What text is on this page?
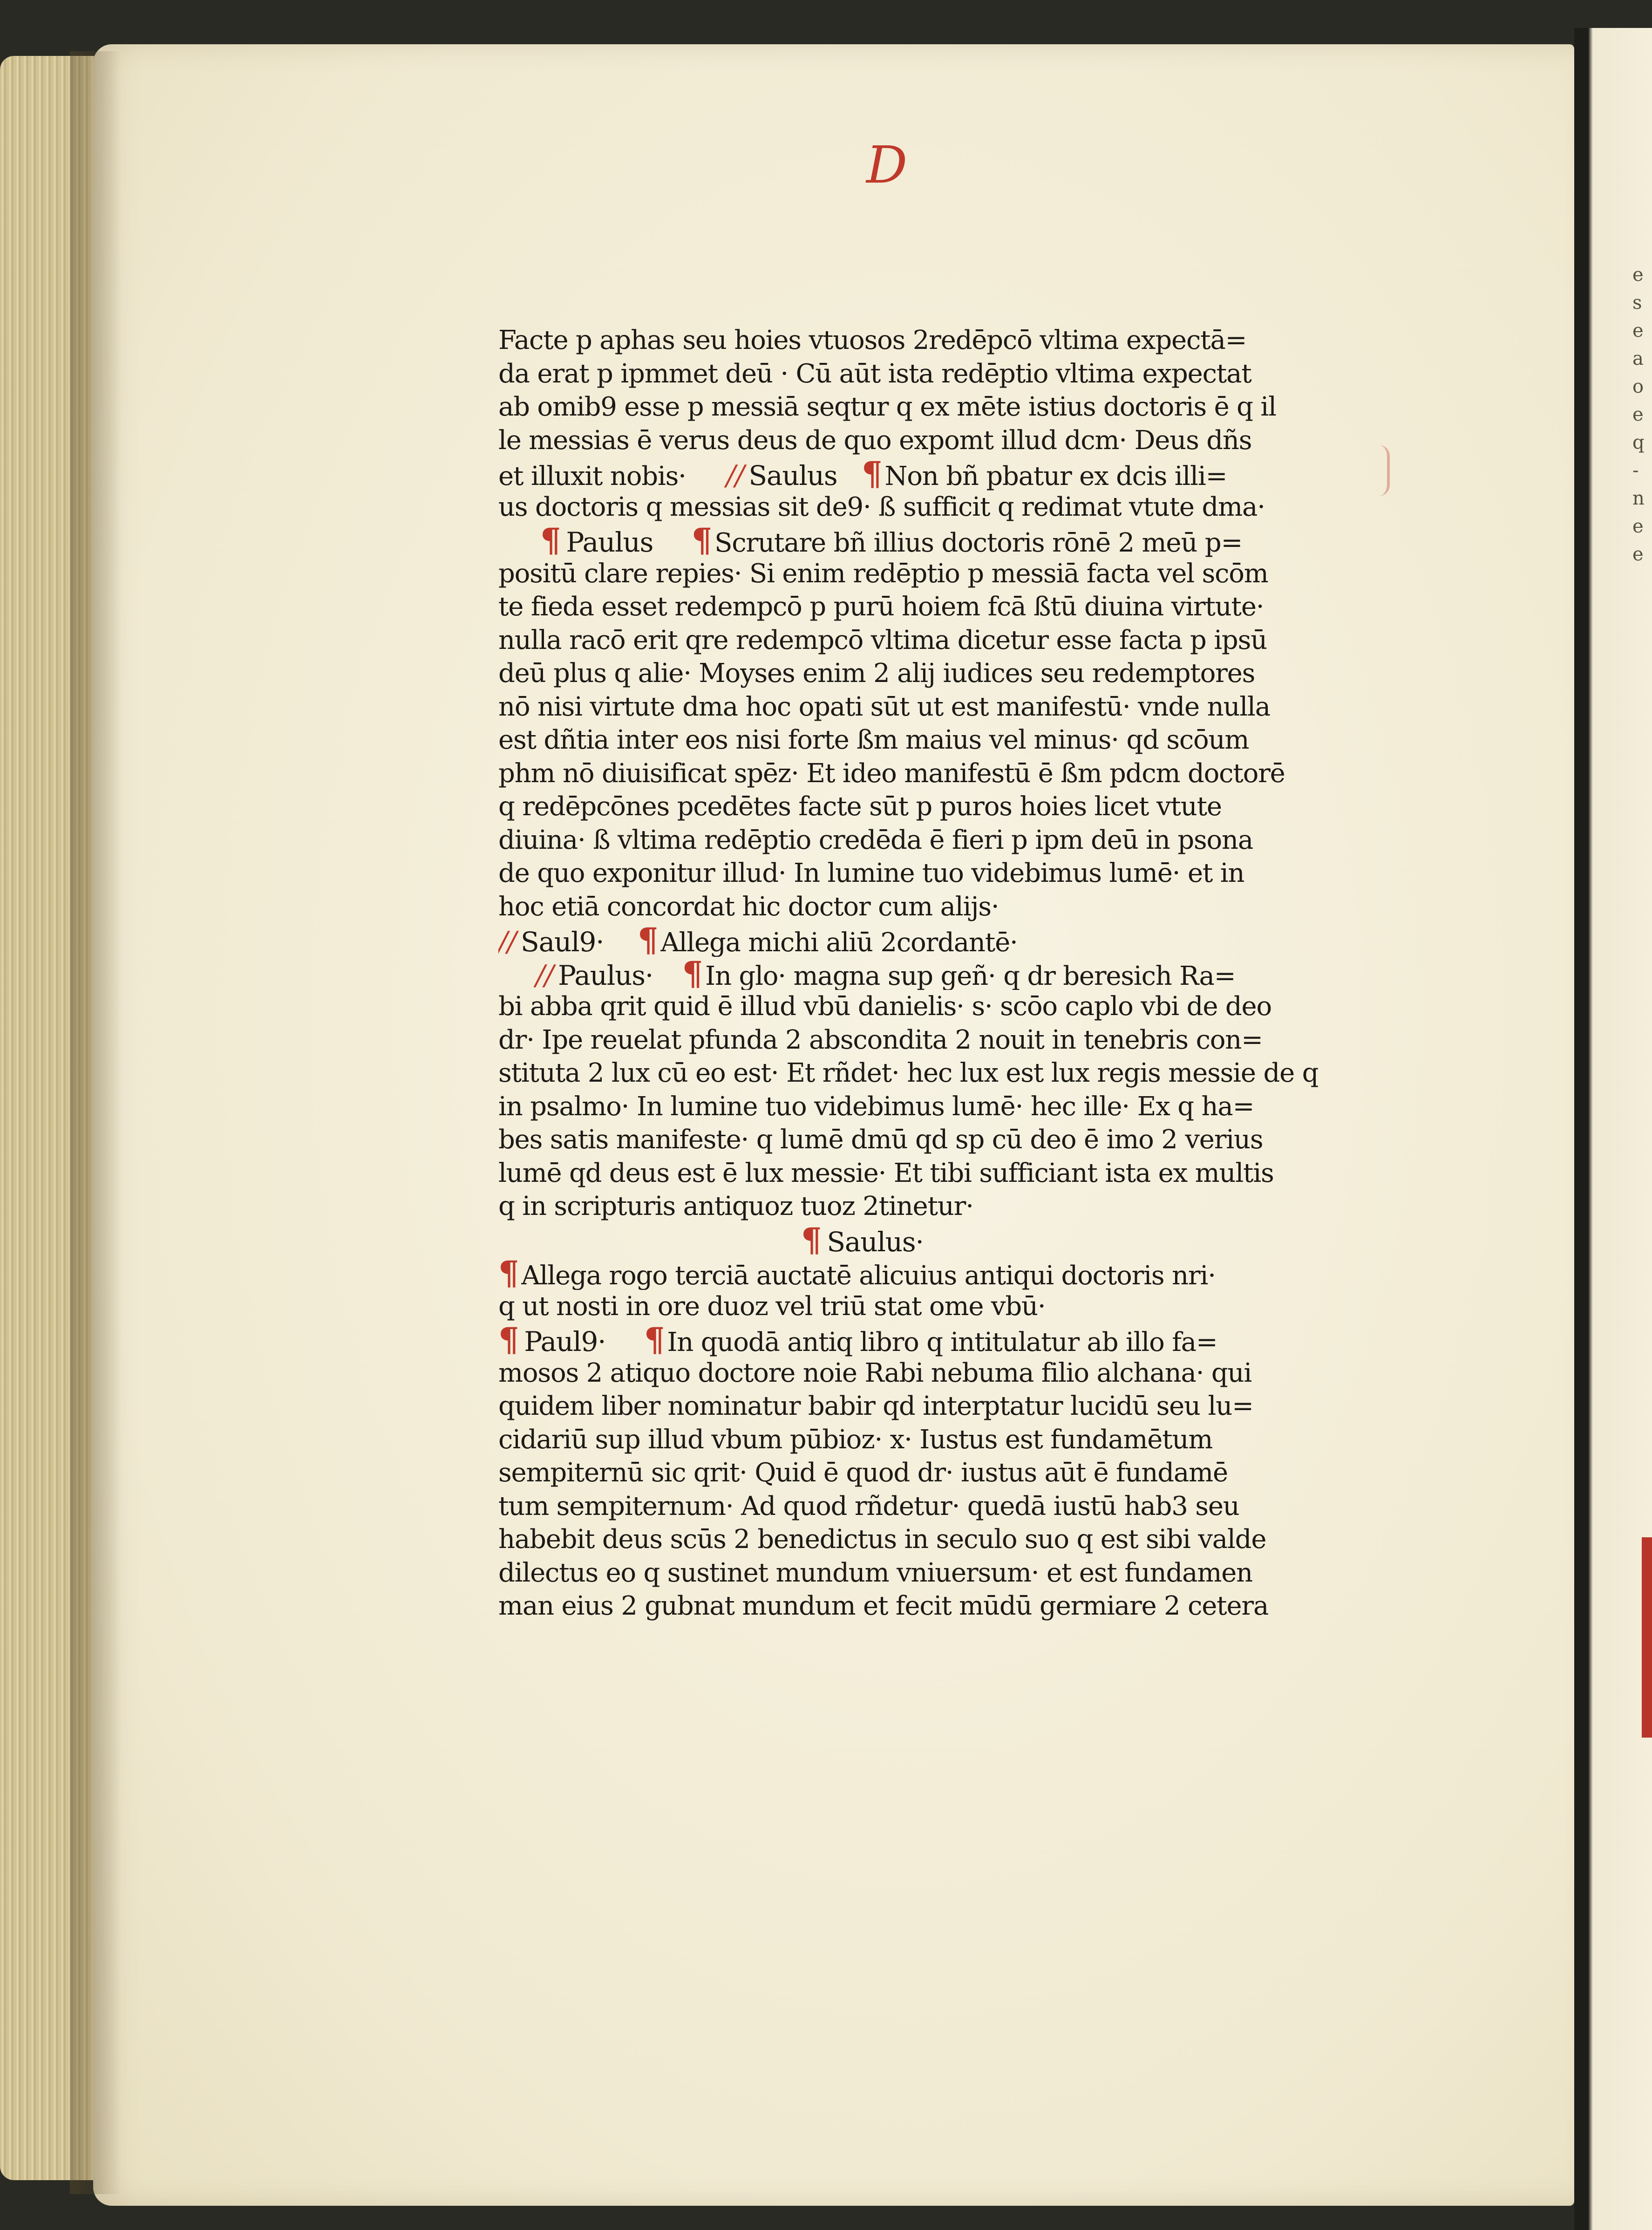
e s e a o e q - n e e
D
Facte p aphas seu hoies vtuosos 2redēpcō vltima expectā=
da erat p ipmmet deū · Cū aūt ista redēptio vltima expectat
ab omib9 esse p messiā seqtur q ex mēte istius doctoris ē q il
le messias ē verus deus de quo expomt illud dcm· Deus dñs
et illuxit nobis· // Saulus ¶ Non bñ pbatur ex dcis illi=
us doctoris q messias sit de9· ß sufficit q redimat vtute dma·
¶ Paulus ¶ Scrutare bñ illius doctoris rōnē 2 meū p=
positū clare repies· Si enim redēptio p messiā facta vel scōm
te fieda esset redempcō p purū hoiem fcā ßtū diuina virtute·
nulla racō erit qre redempcō vltima dicetur esse facta p ipsū
deū plus q alie· Moyses enim 2 alij iudices seu redemptores
nō nisi virtute dma hoc opati sūt ut est manifestū· vnde nulla
est dñtia inter eos nisi forte ßm maius vel minus· qd scōum
phm nō diuisificat spēz· Et ideo manifestū ē ßm pdcm doctorē
q redēpcōnes pcedētes facte sūt p puros hoies licet vtute
diuina· ß vltima redēptio credēda ē fieri p ipm deū in psona
de quo exponitur illud· In lumine tuo videbimus lumē· et in
hoc etiā concordat hic doctor cum alijs·
// Saul9· ¶ Allega michi aliū 2cordantē·
// Paulus· ¶ In glo· magna sup geñ· q dr beresich Ra=
bi abba qrit quid ē illud vbū danielis· s· scōo caplo vbi de deo
dr· Ipe reuelat pfunda 2 abscondita 2 nouit in tenebris con=
stituta 2 lux cū eo est· Et rñdet· hec lux est lux regis messie de q
in psalmo· In lumine tuo videbimus lumē· hec ille· Ex q ha=
bes satis manifeste· q lumē dmū qd sp cū deo ē imo 2 verius
lumē qd deus est ē lux messie· Et tibi sufficiant ista ex multis
q in scripturis antiquoz tuoz 2tinetur·
¶ Saulus·
¶ Allega rogo terciā auctatē alicuius antiqui doctoris nri·
q ut nosti in ore duoz vel triū stat ome vbū·
¶ Paul9· ¶ In quodā antiq libro q intitulatur ab illo fa=
mosos 2 atiquo doctore noie Rabi nebuma filio alchana· qui
quidem liber nominatur babir qd interptatur lucidū seu lu=
cidariū sup illud vbum pūbioz· x· Iustus est fundamētum
sempiternū sic qrit· Quid ē quod dr· iustus aūt ē fundamē
tum sempiternum· Ad quod rñdetur· quedā iustū hab3 seu
habebit deus scūs 2 benedictus in seculo suo q est sibi valde
dilectus eo q sustinet mundum vniuersum· et est fundamen
man eius 2 gubnat mundum et fecit mūdū germiare 2 cetera
